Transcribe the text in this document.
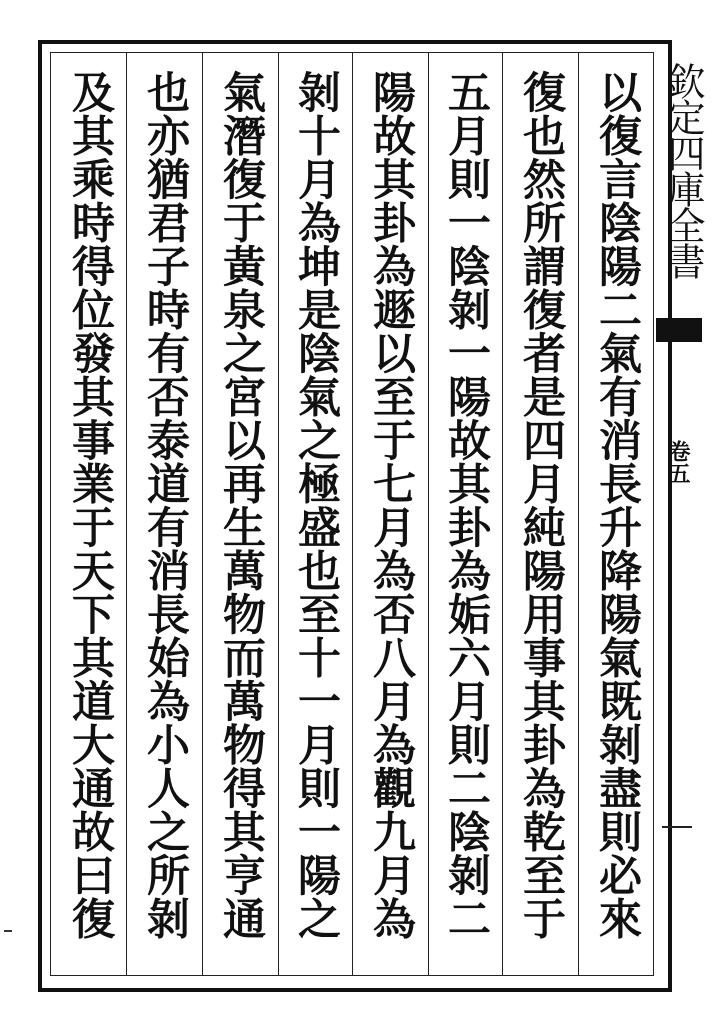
以復言陰陽二氣有消長升降陽氣既剝盡則必來
復也然所謂復者是四月純陽用事其卦為乾至于
五月則一陰剝一陽故其卦為姤六月則二陰剝二
陽故其卦為遯以至于七月為否八月為觀九月為
剝十月為坤是陰氣之極盛也至十一月則一陽之
氣潛復于黃泉之宮以再生萬物而萬物得其亨通
也亦猶君子時有否泰道有消長始為小人之所剝
及其乘時得位發其事業于天下其道大通故曰復	欽定四庫全書
卷五
